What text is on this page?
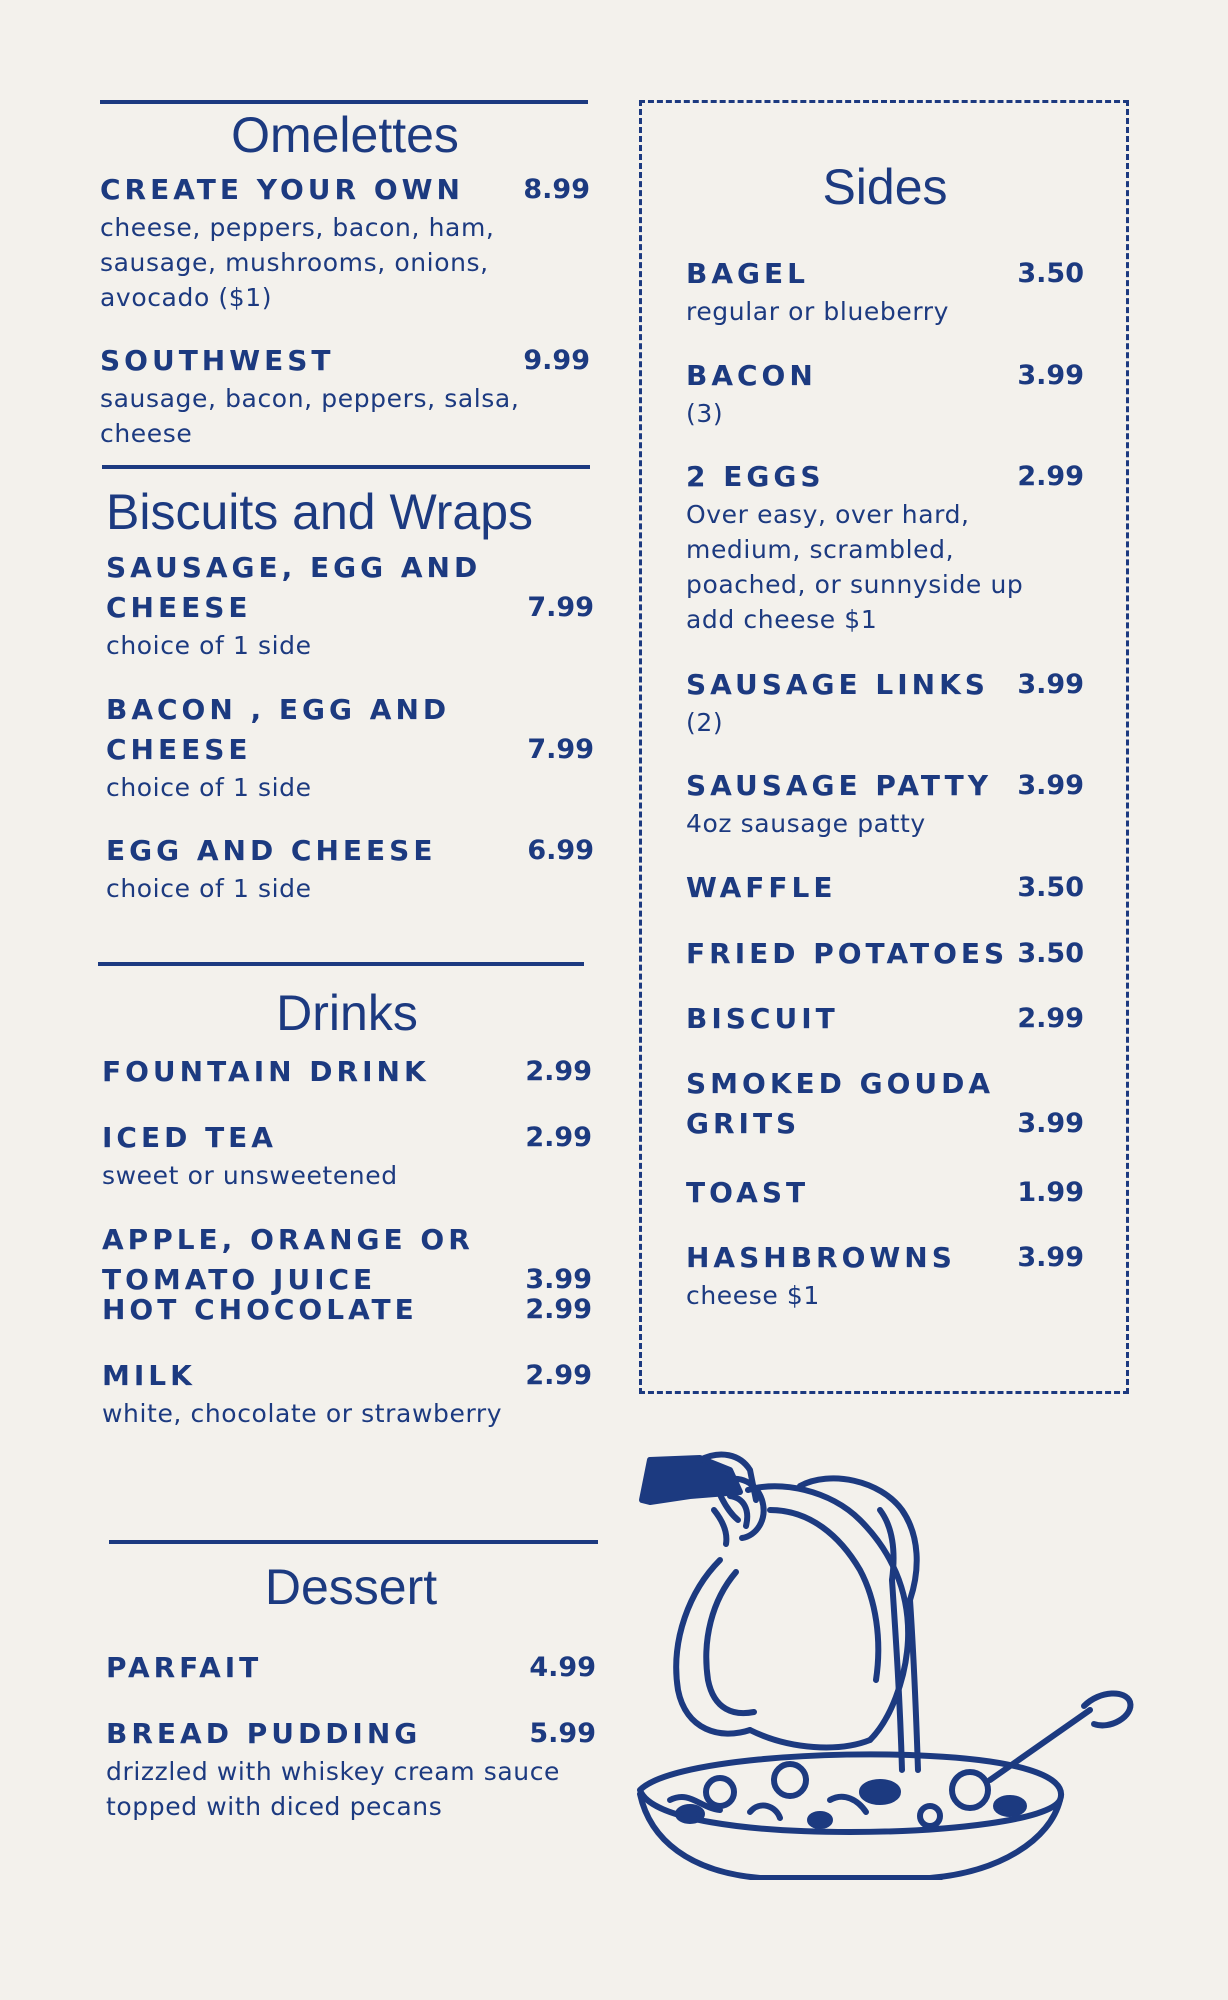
Omelettes
CREATE YOUR OWN	8.99
cheese, peppers, bacon, ham,
sausage, mushrooms, onions,
avocado ($1)
SOUTHWEST	9.99
sausage, bacon, peppers, salsa,
cheese
Biscuits and Wraps
SAUSAGE, EGG AND
CHEESE	7.99
choice of 1 side
BACON , EGG AND
CHEESE	7.99
choice of 1 side
EGG AND CHEESE	6.99
choice of 1 side
Drinks
FOUNTAIN DRINK	2.99
ICED TEA	2.99
sweet or unsweetened
APPLE, ORANGE OR
TOMATO JUICE	3.99
HOT CHOCOLATE	2.99
MILK	2.99
white, chocolate or strawberry
Dessert
PARFAIT	4.99
BREAD PUDDING	5.99
drizzled with whiskey cream sauce
topped with diced pecans
Sides
BAGEL	3.50
regular or blueberry
BACON	3.99
(3)
2 EGGS	2.99
Over easy, over hard,
medium, scrambled,
poached, or sunnyside up
add cheese $1
SAUSAGE LINKS	3.99
(2)
SAUSAGE PATTY 3.99
4oz sausage patty
WAFFLE	3.50
FRIED POTATOES 3.50
BISCUIT	2.99
SMOKED GOUDA
GRITS	3.99
TOAST	1.99
HASHBROWNS	3.99
cheese $1
